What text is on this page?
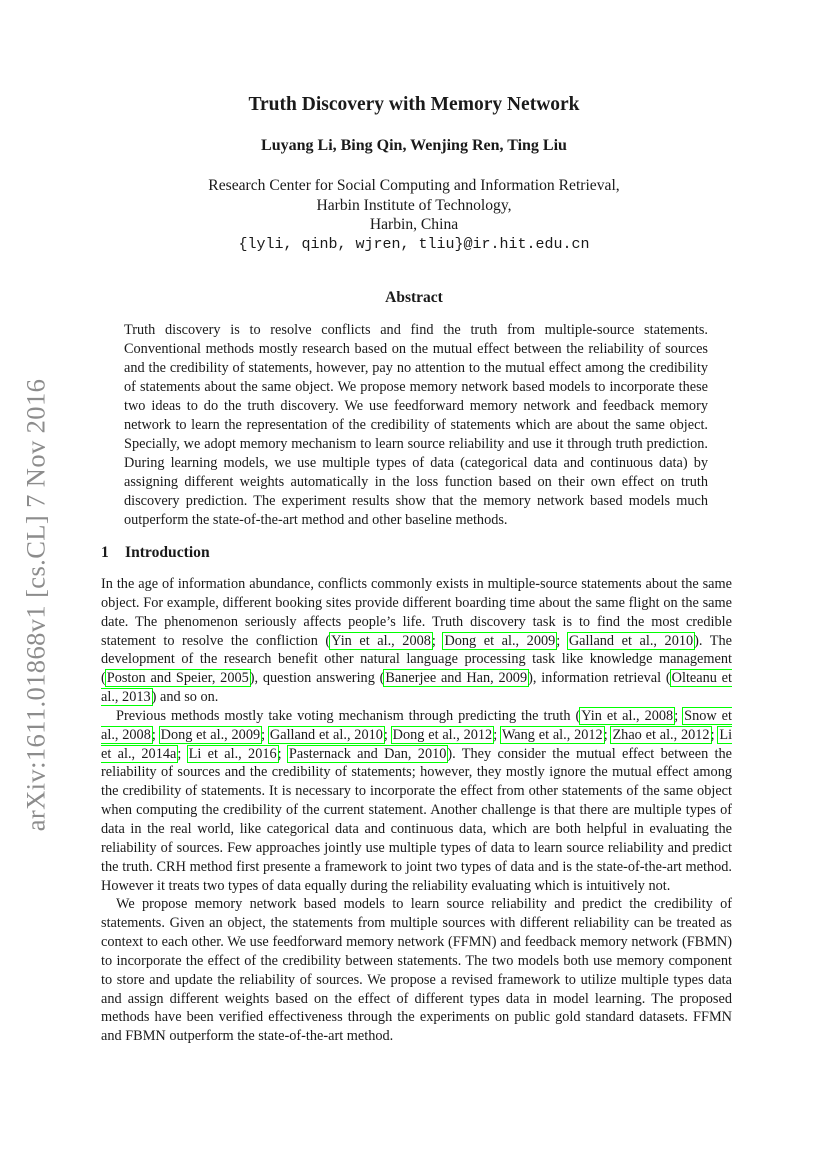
arXiv:1611.01868v1 [cs.CL] 7 Nov 2016
Truth Discovery with Memory Network
Luyang Li, Bing Qin, Wenjing Ren, Ting Liu
Research Center for Social Computing and Information Retrieval,
Harbin Institute of Technology,
Harbin, China
{lyli, qinb, wjren, tliu}@ir.hit.edu.cn
Abstract
Truth discovery is to resolve conflicts and find the truth from multiple-source statements. Conventional methods mostly research based on the mutual effect between the reliability of sources and the credibility of statements, however, pay no attention to the mutual effect among the credibility of statements about the same object. We propose memory network based models to incorporate these two ideas to do the truth discovery. We use feedforward memory network and feedback memory network to learn the representation of the credibility of statements which are about the same object. Specially, we adopt memory mechanism to learn source reliability and use it through truth prediction. During learning models, we use multiple types of data (categorical data and continuous data) by assigning different weights automatically in the loss function based on their own effect on truth discovery prediction. The experiment results show that the memory network based models much outperform the state-of-the-art method and other baseline methods.
1 Introduction

In the age of information abundance, conflicts commonly exists in multiple-source statements about the same object. For example, different booking sites provide different boarding time about the same flight on the same date. The phenomenon seriously affects people’s life. Truth discovery task is to find the most credible statement to resolve the confliction (Yin et al., 2008; Dong et al., 2009; Galland et al., 2010). The development of the research benefit other natural language processing task like knowledge management (Poston and Speier, 2005), question answering (Banerjee and Han, 2009), information retrieval (Olteanu et al., 2013) and so on.

Previous methods mostly take voting mechanism through predicting the truth (Yin et al., 2008; Snow et al., 2008; Dong et al., 2009; Galland et al., 2010; Dong et al., 2012; Wang et al., 2012; Zhao et al., 2012; Li et al., 2014a; Li et al., 2016; Pasternack and Dan, 2010). They consider the mutual effect between the reliability of sources and the credibility of statements; however, they mostly ignore the mutual effect among the credibility of statements. It is necessary to incorporate the effect from other statements of the same object when computing the credibility of the current statement. Another challenge is that there are multiple types of data in the real world, like categorical data and continuous data, which are both helpful in evaluating the reliability of sources. Few approaches jointly use multiple types of data to learn source reliability and predict the truth. CRH method first presente a framework to joint two types of data and is the state-of-the-art method. However it treats two types of data equally during the reliability evaluating which is intuitively not.

We propose memory network based models to learn source reliability and predict the credibility of statements. Given an object, the statements from multiple sources with different reliability can be treated as context to each other. We use feedforward memory network (FFMN) and feedback memory network (FBMN) to incorporate the effect of the credibility between statements. The two models both use memory component to store and update the reliability of sources. We propose a revised framework to utilize multiple types data and assign different weights based on the effect of different types data in model learning. The proposed methods have been verified effectiveness through the experiments on public gold standard datasets. FFMN and FBMN outperform the state-of-the-art method.
